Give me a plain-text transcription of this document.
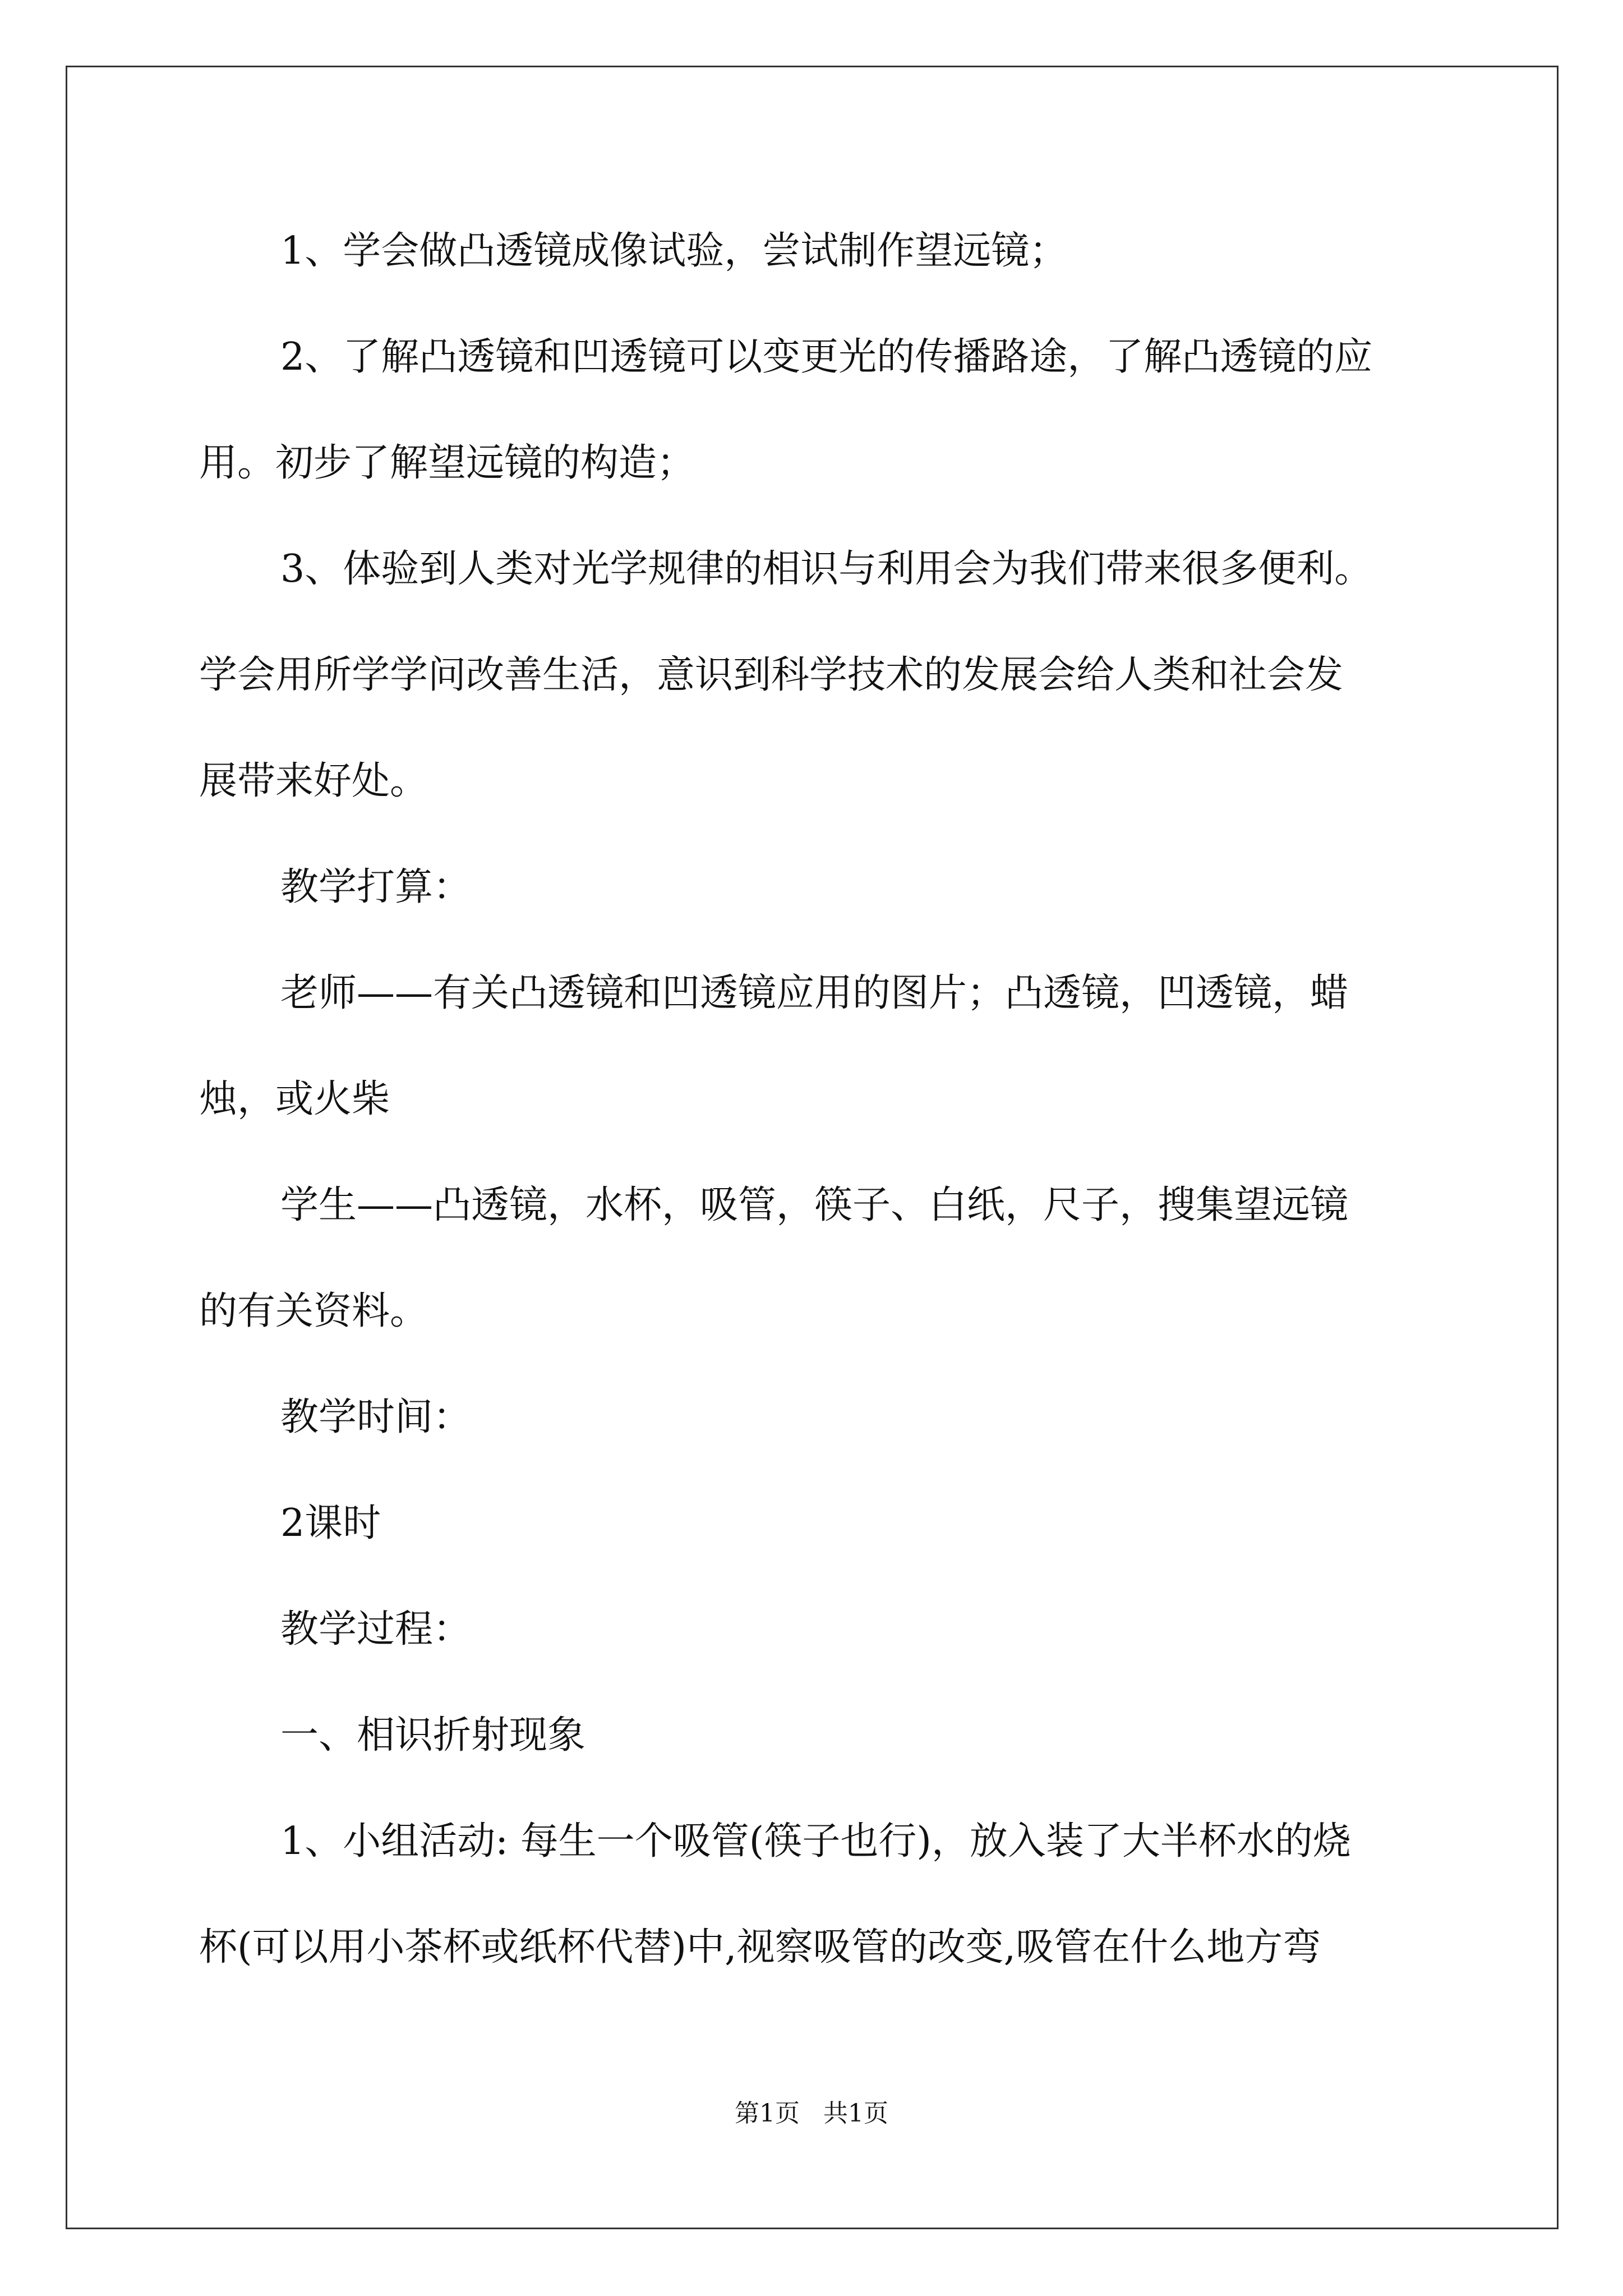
1、学会做凸透镜成像试验，尝试制作望远镜；

2、了解凸透镜和凹透镜可以变更光的传播路途，了解凸透镜的应
用。初步了解望远镜的构造；

3、体验到人类对光学规律的相识与利用会为我们带来很多便利。
学会用所学学问改善生活，意识到科学技术的发展会给人类和社会发
展带来好处。

教学打算：

老师——有关凸透镜和凹透镜应用的图片；凸透镜，凹透镜，蜡
烛，或火柴

学生——凸透镜，水杯，吸管，筷子、白纸，尺子，搜集望远镜
的有关资料。

教学时间：

2课时

教学过程：

一、相识折射现象

1、小组活动: 每生一个吸管(筷子也行)，放入装了大半杯水的烧
杯(可以用小茶杯或纸杯代替)中,视察吸管的改变,吸管在什么地方弯

第1页 共1页
